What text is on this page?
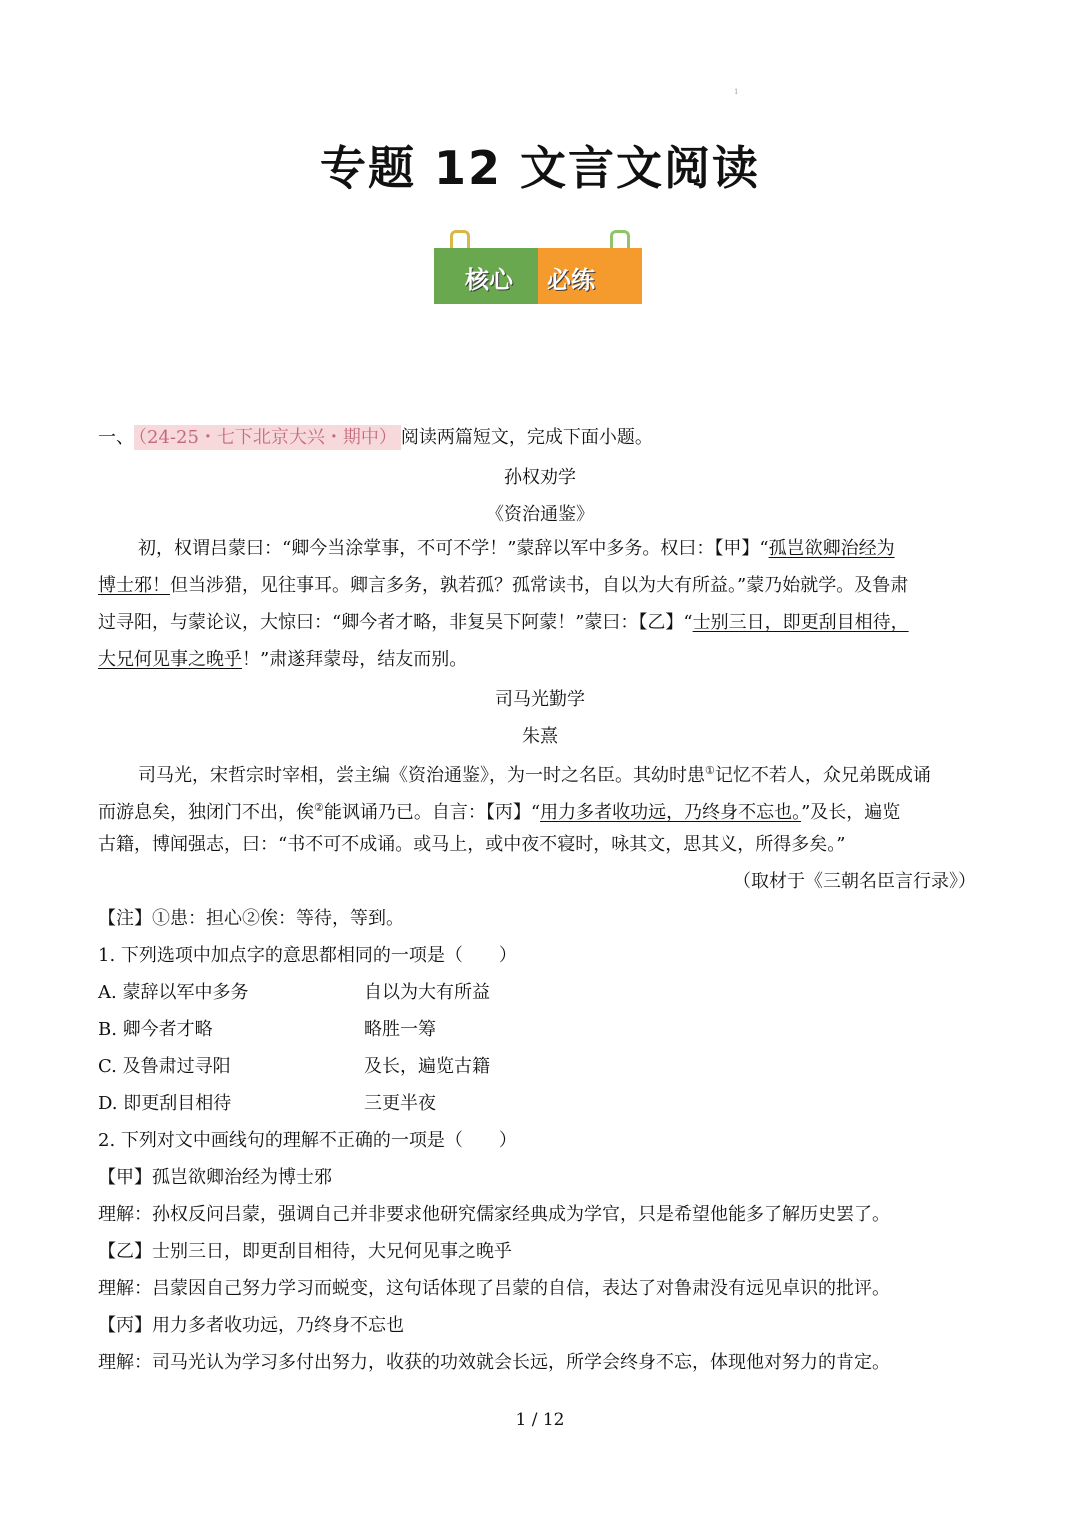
1
专题 12 文言文阅读
核心 必练
一、 （24-25・七下北京大兴・期中） 阅读两篇短文，完成下面小题。
孙权劝学
《资治通鉴》
初，权谓吕蒙曰：“卿今当涂掌事，不可不学！”蒙辞以军中多务。权曰：【甲】“孤岂欲卿治经为
博士邪！但当涉猎，见往事耳。卿言多务，孰若孤？孤常读书，自以为大有所益。”蒙乃始就学。及鲁肃
过寻阳，与蒙论议，大惊曰：“卿今者才略，非复吴下阿蒙！”蒙曰：【乙】“士别三日，即更刮目相待，
大兄何见事之晚乎！”肃遂拜蒙母，结友而别。
司马光勤学
朱熹
司马光，宋哲宗时宰相，尝主编《资治通鉴》，为一时之名臣。其幼时患①记忆不若人，众兄弟既成诵
而游息矣，独闭门不出，俟②能讽诵乃已。自言：【丙】“用力多者收功远，乃终身不忘也。”及长，遍览
古籍，博闻强志，曰：“书不可不成诵。或马上，或中夜不寝时，咏其文，思其义，所得多矣。”
（取材于《三朝名臣言行录》）
【注】①患：担心②俟：等待，等到。
1. 下列选项中加点字的意思都相同的一项是（　　）
A. 蒙辞以军中多务	自以为大有所益
B. 卿今者才略	略胜一筹
C. 及鲁肃过寻阳	及长，遍览古籍
D. 即更刮目相待	三更半夜
2. 下列对文中画线句的理解不正确的一项是（　　）
【甲】孤岂欲卿治经为博士邪
理解：孙权反问吕蒙，强调自己并非要求他研究儒家经典成为学官，只是希望他能多了解历史罢了。
【乙】士别三日，即更刮目相待，大兄何见事之晚乎
理解：吕蒙因自己努力学习而蜕变，这句话体现了吕蒙的自信，表达了对鲁肃没有远见卓识的批评。
【丙】用力多者收功远，乃终身不忘也
理解：司马光认为学习多付出努力，收获的功效就会长远，所学会终身不忘，体现他对努力的肯定。
1 / 12
